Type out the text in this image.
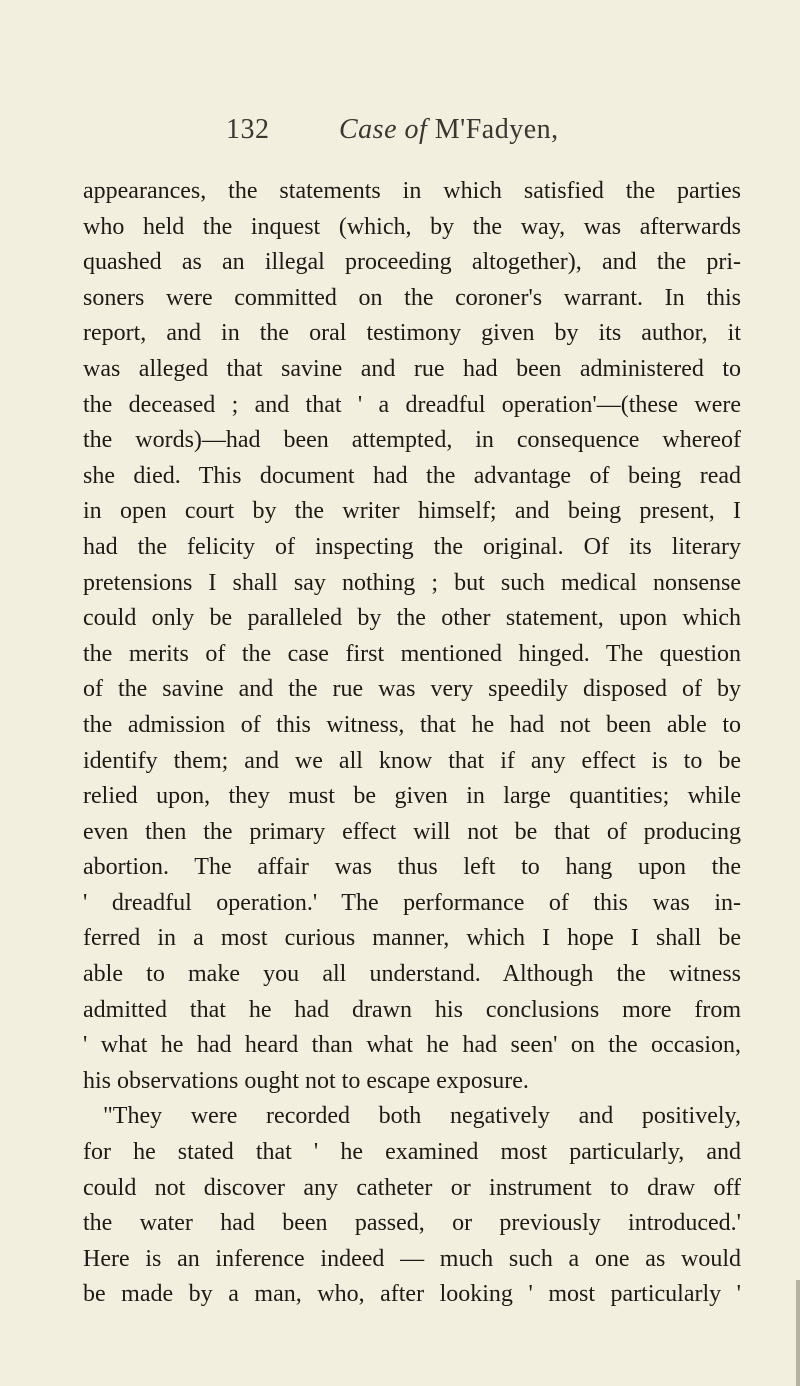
132 Case of M'Fadyen,
appearances, the statements in which satisfied the parties
who held the inquest (which, by the way, was afterwards
quashed as an illegal proceeding altogether), and the pri-
soners were committed on the coroner's warrant. In this
report, and in the oral testimony given by its author, it
was alleged that savine and rue had been administered to
the deceased ; and that ' a dreadful operation'—(these were
the words)—had been attempted, in consequence whereof
she died. This document had the advantage of being read
in open court by the writer himself; and being present, I
had the felicity of inspecting the original. Of its literary
pretensions I shall say nothing ; but such medical nonsense
could only be paralleled by the other statement, upon which
the merits of the case first mentioned hinged. The question
of the savine and the rue was very speedily disposed of by
the admission of this witness, that he had not been able to
identify them; and we all know that if any effect is to be
relied upon, they must be given in large quantities; while
even then the primary effect will not be that of producing
abortion. The affair was thus left to hang upon the
' dreadful operation.' The performance of this was in-
ferred in a most curious manner, which I hope I shall be
able to make you all understand. Although the witness
admitted that he had drawn his conclusions more from
' what he had heard than what he had seen' on the occasion,
his observations ought not to escape exposure.
"They were recorded both negatively and positively,
for he stated that ' he examined most particularly, and
could not discover any catheter or instrument to draw off
the water had been passed, or previously introduced.'
Here is an inference indeed — much such a one as would
be made by a man, who, after looking ' most particularly '
